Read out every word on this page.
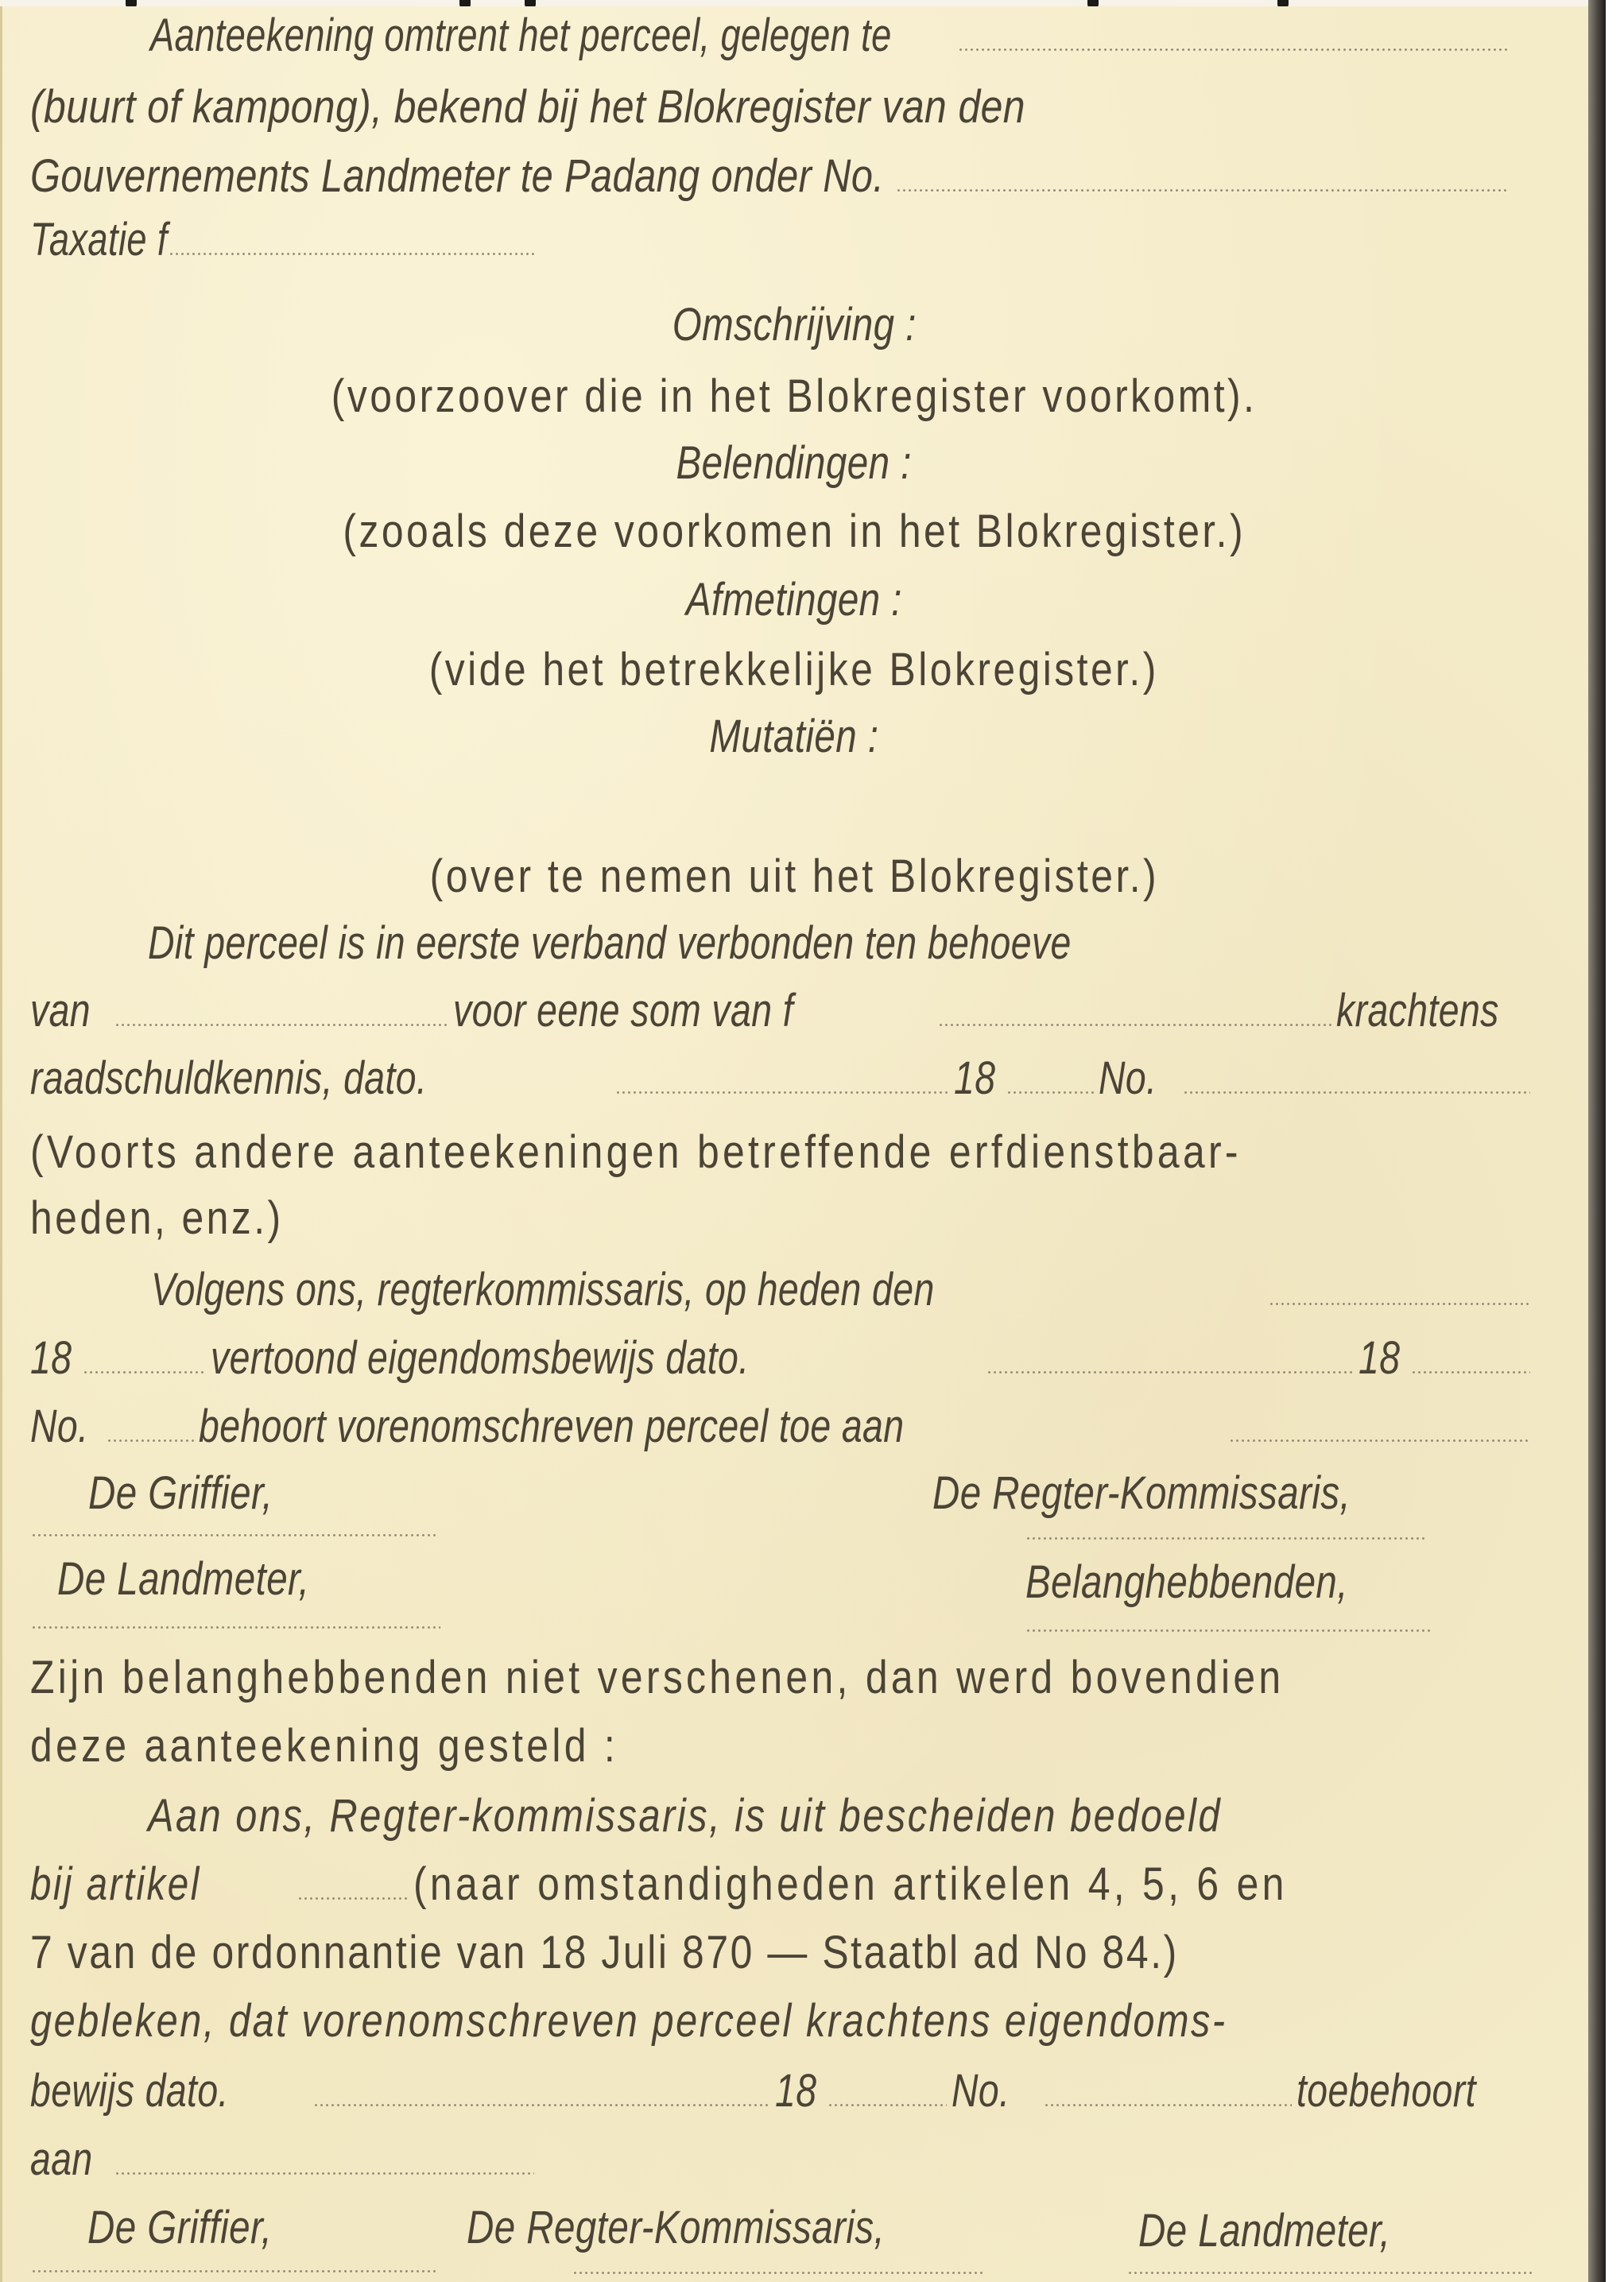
Aanteekening omtrent het perceel, gelegen te
(buurt of kampong), bekend bij het Blokregister van den
Gouvernements Landmeter te Padang onder No.
Taxatie f
Omschrijving :
(voorzoover die in het Blokregister voorkomt).
Belendingen :
(zooals deze voorkomen in het Blokregister.)
Afmetingen :
(vide het betrekkelijke Blokregister.)
Mutatiën :
(over te nemen uit het Blokregister.)
Dit perceel is in eerste verband verbonden ten behoeve
van	voor eene som van f	krachtens
raadschuldkennis, dato.	18 No.
(Voorts andere aanteekeningen betreffende erfdienstbaar-
heden, enz.)
Volgens ons, regterkommissaris, op heden den
18	vertoond eigendomsbewijs dato.	18
No. behoort vorenomschreven perceel toe aan
De Griffier,	De Regter-Kommissaris,
De Landmeter,	Belanghebbenden,
Zijn belanghebbenden niet verschenen, dan werd bovendien
deze aanteekening gesteld :
Aan ons, Regter-kommissaris, is uit bescheiden bedoeld
bij artikel	(naar omstandigheden artikelen 4, 5, 6 en
7 van de ordonnantie van 18 Juli 870 — Staatbl ad No 84.)
gebleken, dat vorenomschreven perceel krachtens eigendoms-
bewijs dato.	18	No.	toebehoort
aan
De Griffier,	De Regter-Kommissaris,	De Landmeter,
